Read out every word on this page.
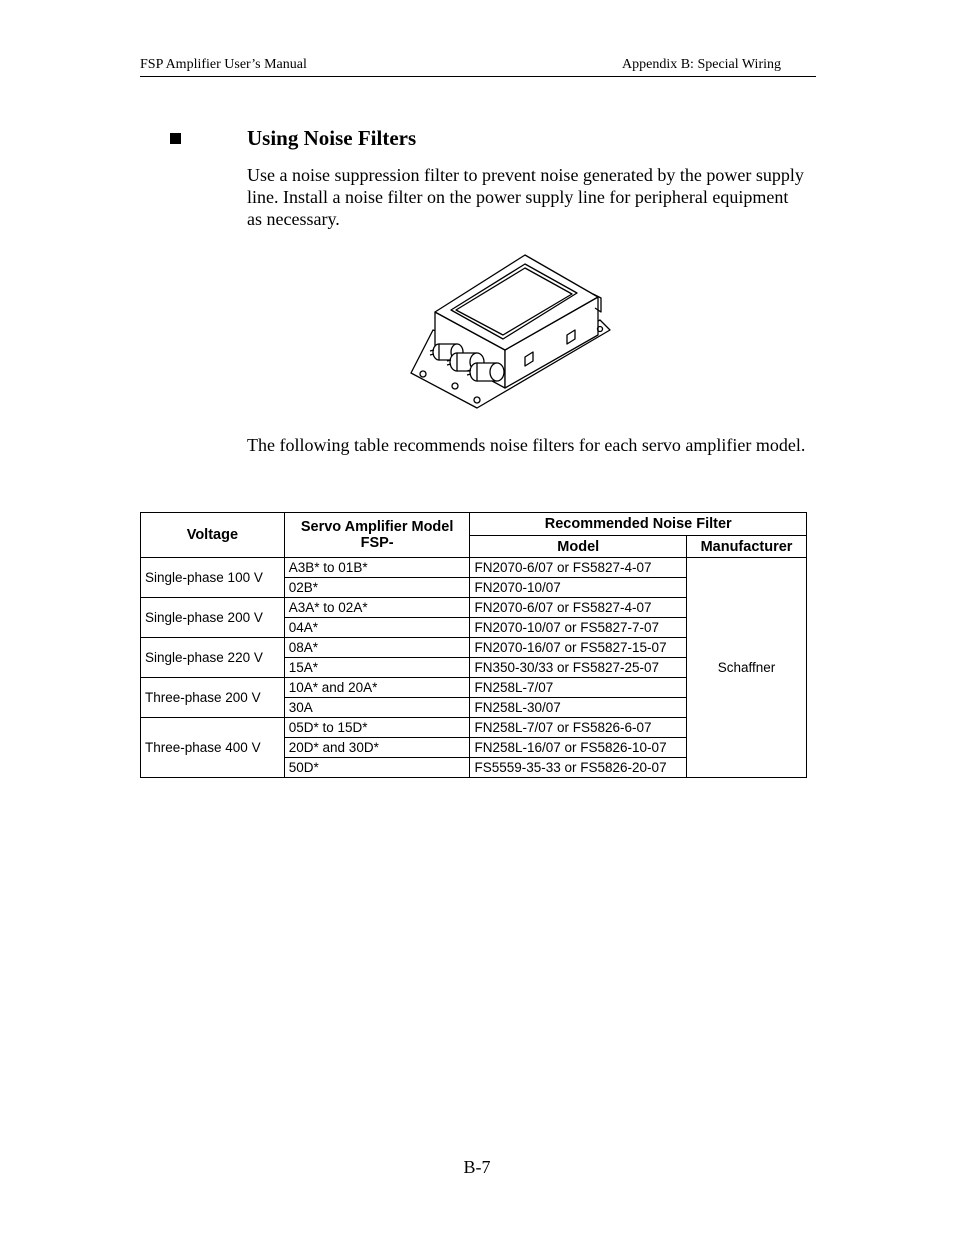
FSP Amplifier User’s Manual	Appendix B: Special Wiring
Using Noise Filters
Use a noise suppression filter to prevent noise generated by the power supply line. Install a noise filter on the power supply line for peripheral equipment as necessary.
The following table recommends noise filters for each servo amplifier model.
Voltage	Servo Amplifier Model FSP-	Recommended Noise Filter	
		Model	Manufacturer
Single-phase 100 V	A3B* to 01B*	FN2070-6/07 or FS5827-4-07	Schaffner
	02B*	FN2070-10/07	
Single-phase 200 V	A3A* to 02A*	FN2070-6/07 or FS5827-4-07	
	04A*	FN2070-10/07 or FS5827-7-07	
Single-phase 220 V	08A*	FN2070-16/07 or FS5827-15-07	
	15A*	FN350-30/33 or FS5827-25-07	
Three-phase 200 V	10A* and 20A*	FN258L-7/07	
	30A	FN258L-30/07	
Three-phase 400 V	05D* to 15D*	FN258L-7/07 or FS5826-6-07	
	20D* and 30D*	FN258L-16/07 or FS5826-10-07	
	50D*	FS5559-35-33 or FS5826-20-07	
B-7
